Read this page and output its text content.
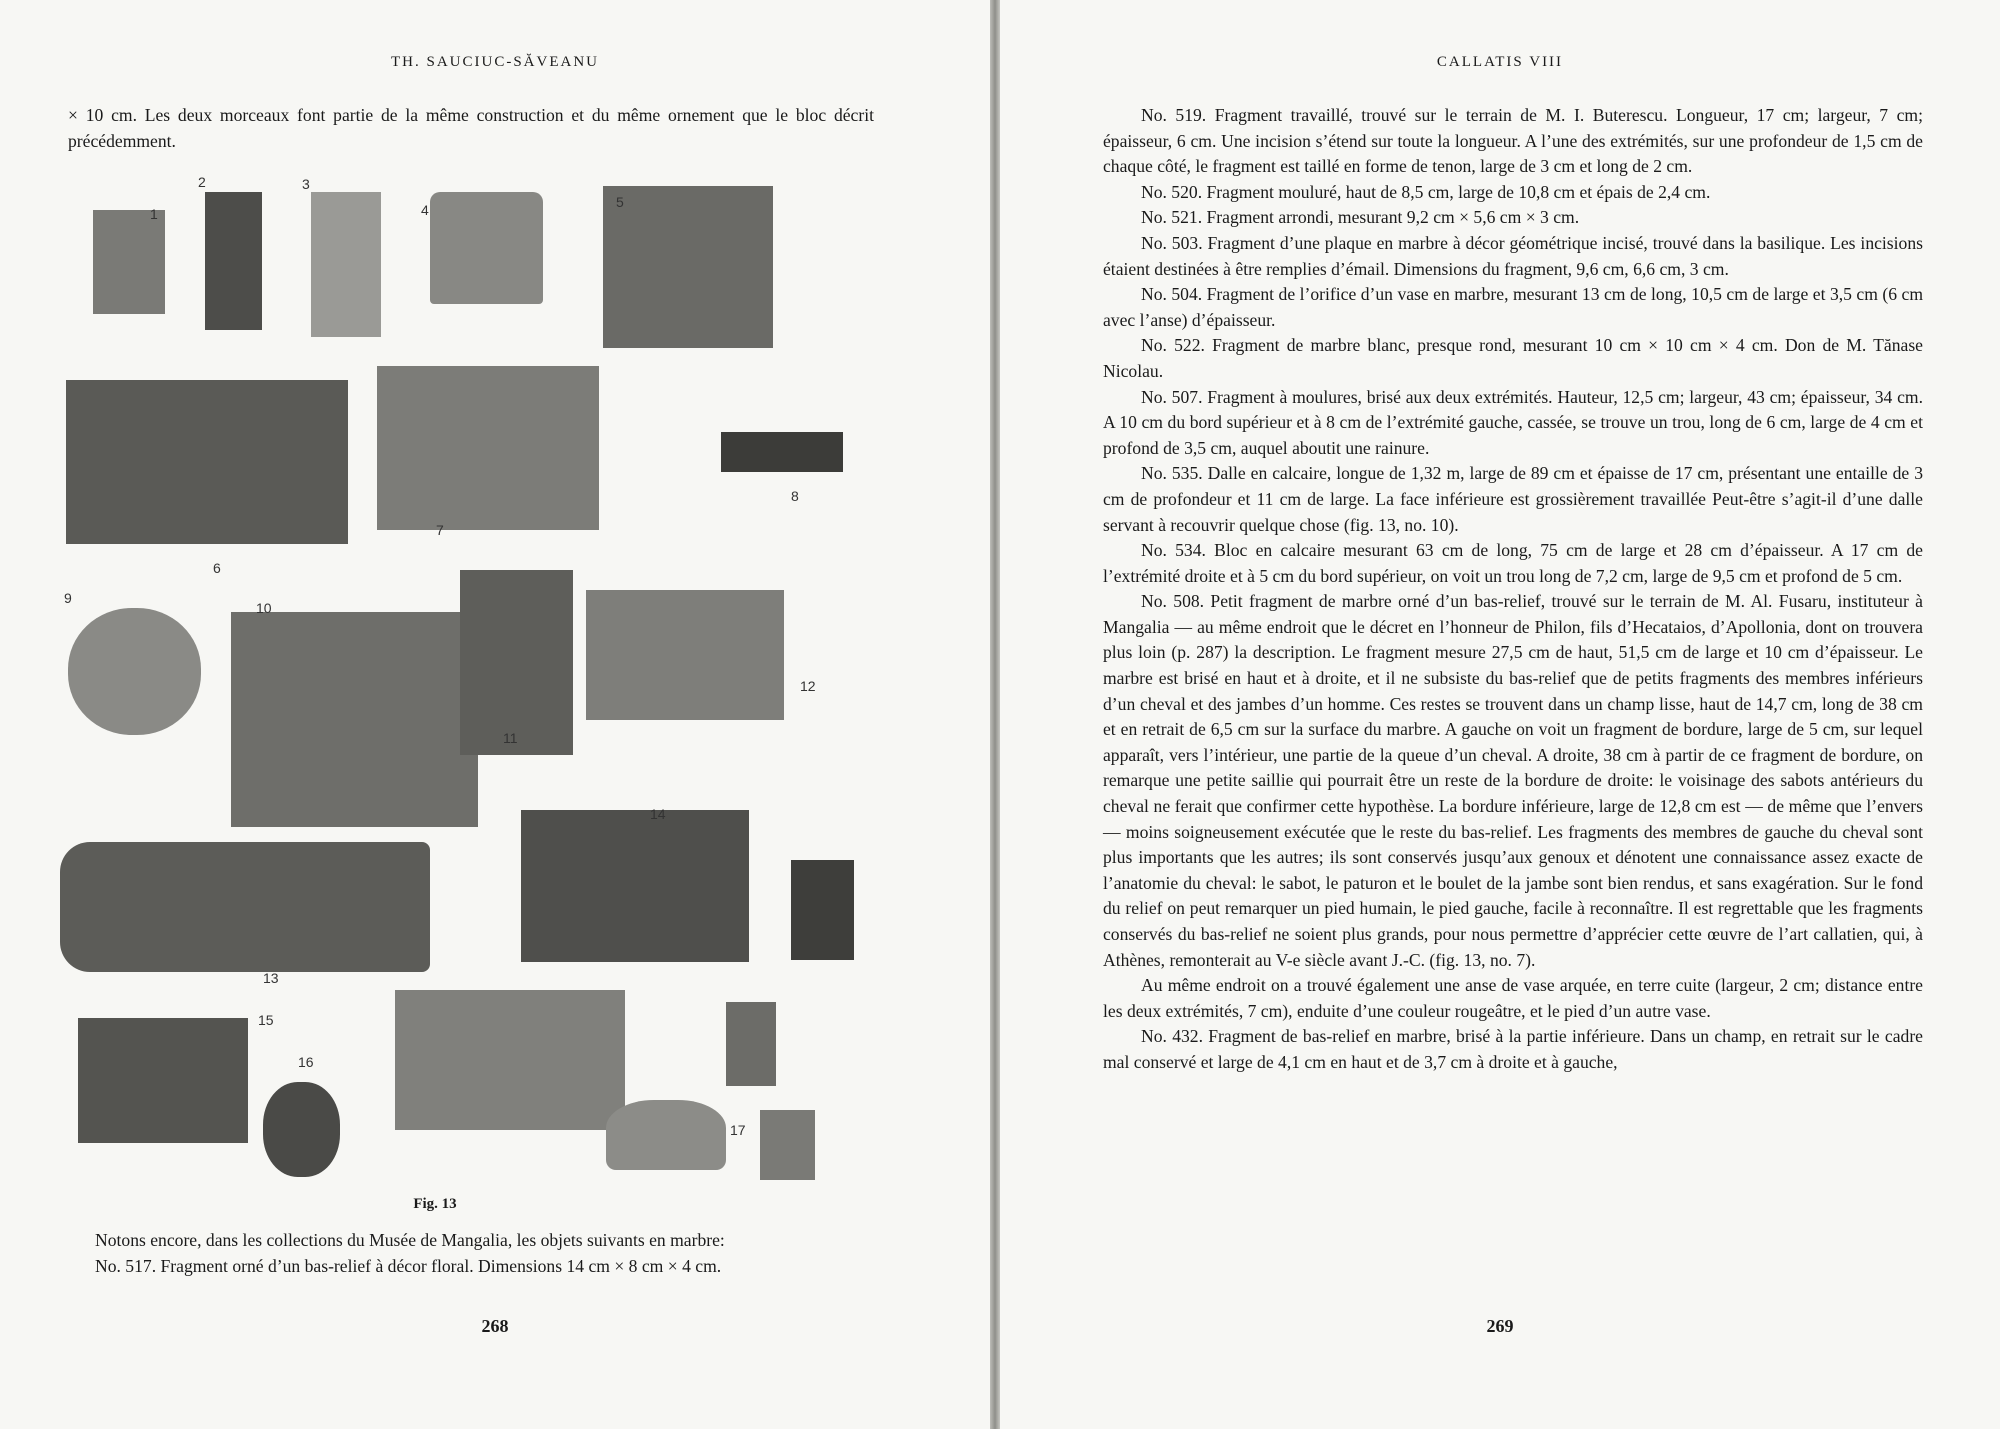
TH. SAUCIUC-SĂVEANU

× 10 cm. Les deux morceaux font partie de la même construction et du même ornement que le bloc décrit précédemment.

1
2	3
4	5
6
7
8
9
10
11
12
13
14
15
16
17
Fig. 13

Notons encore, dans les collections du Musée de Mangalia, les objets suivants en marbre:

No. 517. Fragment orné d’un bas-relief à décor floral. Dimensions 14 cm × 8 cm × 4 cm.

268
CALLATIS VIII

No. 519. Fragment travaillé, trouvé sur le terrain de M. I. Buterescu. Longueur, 17 cm; largeur, 7 cm; épaisseur, 6 cm. Une incision s’étend sur toute la longueur. A l’une des extrémités, sur une profondeur de 1,5 cm de chaque côté, le fragment est taillé en forme de tenon, large de 3 cm et long de 2 cm.

No. 520. Fragment mouluré, haut de 8,5 cm, large de 10,8 cm et épais de 2,4 cm.

No. 521. Fragment arrondi, mesurant 9,2 cm × 5,6 cm × 3 cm.

No. 503. Fragment d’une plaque en marbre à décor géométrique incisé, trouvé dans la basilique. Les incisions étaient destinées à être remplies d’émail. Dimensions du fragment, 9,6 cm, 6,6 cm, 3 cm.

No. 504. Fragment de l’orifice d’un vase en marbre, mesurant 13 cm de long, 10,5 cm de large et 3,5 cm (6 cm avec l’anse) d’épaisseur.

No. 522. Fragment de marbre blanc, presque rond, mesurant 10 cm × 10 cm × 4 cm. Don de M. Tănase Nicolau.

No. 507. Fragment à moulures, brisé aux deux extrémités. Hauteur, 12,5 cm; largeur, 43 cm; épaisseur, 34 cm. A 10 cm du bord supérieur et à 8 cm de l’extrémité gauche, cassée, se trouve un trou, long de 6 cm, large de 4 cm et profond de 3,5 cm, auquel aboutit une rainure.

No. 535. Dalle en calcaire, longue de 1,32 m, large de 89 cm et épaisse de 17 cm, présentant une entaille de 3 cm de profondeur et 11 cm de large. La face inférieure est grossièrement travaillée Peut-être s’agit-il d’une dalle servant à recouvrir quelque chose (fig. 13, no. 10).

No. 534. Bloc en calcaire mesurant 63 cm de long, 75 cm de large et 28 cm d’épaisseur. A 17 cm de l’extrémité droite et à 5 cm du bord supérieur, on voit un trou long de 7,2 cm, large de 9,5 cm et profond de 5 cm.

No. 508. Petit fragment de marbre orné d’un bas-relief, trouvé sur le terrain de M. Al. Fusaru, instituteur à Mangalia — au même endroit que le décret en l’honneur de Philon, fils d’Hecataios, d’Apollonia, dont on trouvera plus loin (p. 287) la description. Le fragment mesure 27,5 cm de haut, 51,5 cm de large et 10 cm d’épaisseur. Le marbre est brisé en haut et à droite, et il ne subsiste du bas-relief que de petits fragments des membres inférieurs d’un cheval et des jambes d’un homme. Ces restes se trouvent dans un champ lisse, haut de 14,7 cm, long de 38 cm et en retrait de 6,5 cm sur la surface du marbre. A gauche on voit un fragment de bordure, large de 5 cm, sur lequel apparaît, vers l’intérieur, une partie de la queue d’un cheval. A droite, 38 cm à partir de ce fragment de bordure, on remarque une petite saillie qui pourrait être un reste de la bordure de droite: le voisinage des sabots antérieurs du cheval ne ferait que confirmer cette hypothèse. La bordure inférieure, large de 12,8 cm est — de même que l’envers — moins soigneusement exécutée que le reste du bas-relief. Les fragments des membres de gauche du cheval sont plus importants que les autres; ils sont conservés jusqu’aux genoux et dénotent une connaissance assez exacte de l’anatomie du cheval: le sabot, le paturon et le boulet de la jambe sont bien rendus, et sans exagération. Sur le fond du relief on peut remarquer un pied humain, le pied gauche, facile à reconnaître. Il est regrettable que les fragments conservés du bas-relief ne soient plus grands, pour nous permettre d’apprécier cette œuvre de l’art callatien, qui, à Athènes, remonterait au V-e siècle avant J.-C. (fig. 13, no. 7).

Au même endroit on a trouvé également une anse de vase arquée, en terre cuite (largeur, 2 cm; distance entre les deux extrémités, 7 cm), enduite d’une couleur rougeâtre, et le pied d’un autre vase.

No. 432. Fragment de bas-relief en marbre, brisé à la partie inférieure. Dans un champ, en retrait sur le cadre mal conservé et large de 4,1 cm en haut et de 3,7 cm à droite et à gauche,

269
